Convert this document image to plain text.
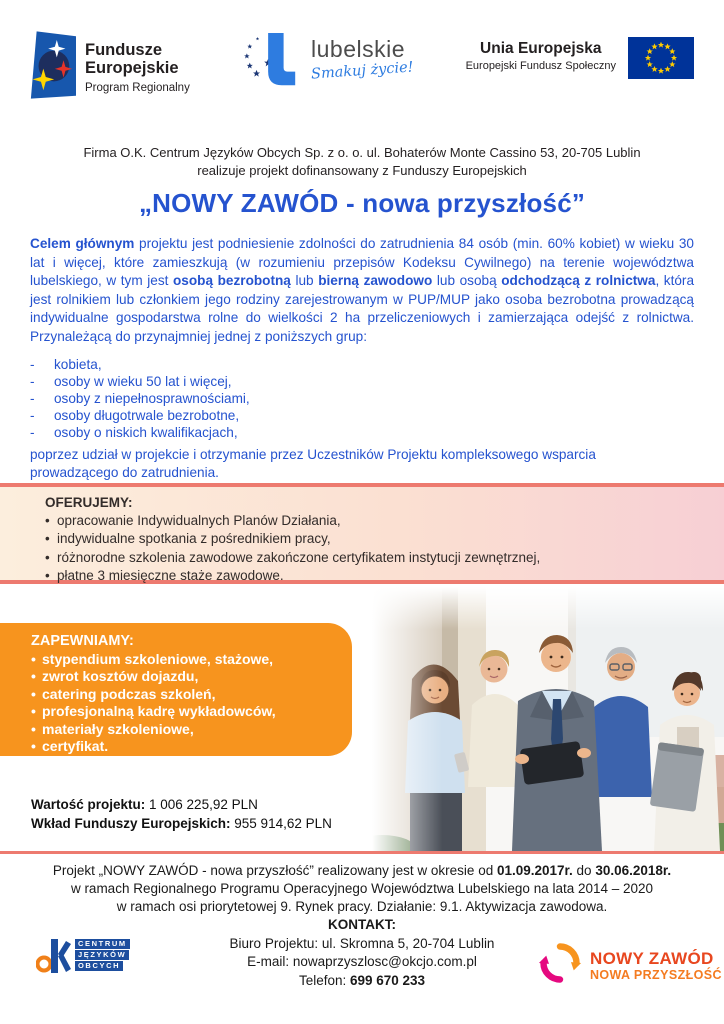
Fundusze
Europejskie
Program Regionalny
lubelskie
Smakuj życie!
Unia Europejska
Europejski Fundusz Społeczny
Firma O.K. Centrum Języków Obcych Sp. z o. o. ul. Bohaterów Monte Cassino 53, 20-705 Lublin
realizuje projekt dofinansowany z Funduszy Europejskich
„NOWY ZAWÓD - nowa przyszłość”

Celem głównym projektu jest podniesienie zdolności do zatrudnienia 84 osób (min. 60% kobiet) w wieku 30 lat i więcej, które zamieszkują (w rozumieniu przepisów Kodeksu Cywilnego) na terenie województwa lubelskiego, w tym jest osobą bezrobotną lub bierną zawodowo lub osobą odchodzącą z rolnictwa, która jest rolnikiem lub członkiem jego rodziny zarejestrowanym w PUP/MUP jako osoba bezrobotna prowadzącą indywidualne gospodarstwa rolne do wielkości 2 ha przeliczeniowych i zamierzająca odejść z rolnictwa. Przynależącą do przynajmniej jednej z poniższych grup:

-	kobieta,
-	osoby w wieku 50 lat i więcej,
-	osoby z niepełnosprawnościami,
-	osoby długotrwale bezrobotne,
-	osoby o niskich kwalifikacjach,

poprzez udział w projekcie i otrzymanie przez Uczestników Projektu kompleksowego wsparcia prowadzącego do zatrudnienia.

OFERUJEMY:
• opracowanie Indywidualnych Planów Działania,
• indywidualne spotkania z pośrednikiem pracy,
• różnorodne szkolenia zawodowe zakończone certyfikatem instytucji zewnętrznej,
• płatne 3 miesięczne staże zawodowe.
ZAPEWNIAMY:
• stypendium szkoleniowe, stażowe,
• zwrot kosztów dojazdu,
• catering podczas szkoleń,
• profesjonalną kadrę wykładowców,
• materiały szkoleniowe,
• certyfikat.
Wartość projektu: 1 006 225,92 PLN
Wkład Funduszy Europejskich: 955 914,62 PLN
Projekt „NOWY ZAWÓD - nowa przyszłość” realizowany jest w okresie od 01.09.2017r. do 30.06.2018r.
w ramach Regionalnego Programu Operacyjnego Województwa Lubelskiego na lata 2014 – 2020
w ramach osi priorytetowej 9. Rynek pracy. Działanie: 9.1. Aktywizacja zawodowa.
KONTAKT:
Biuro Projektu: ul. Skromna 5, 20-704 Lublin
E-mail: nowaprzyszlosc@okcjo.com.pl
Telefon: 699 670 233
CENTRUM
JĘZYKÓW
OBCYCH	NOWY ZAWÓD
NOWA PRZYSZŁOŚĆ
